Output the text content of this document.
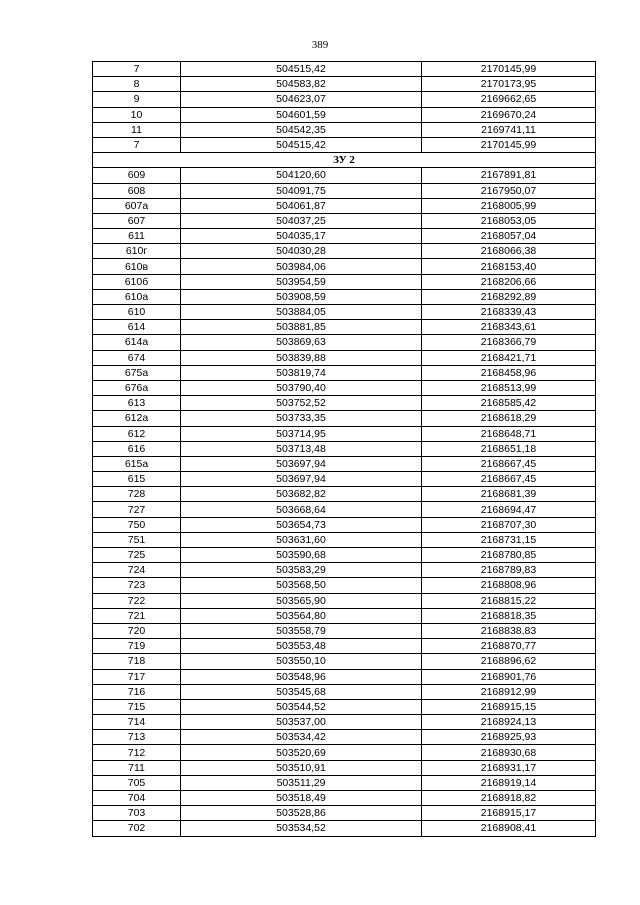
389
7	504515,42	2170145,99
8	504583,82	2170173,95
9	504623,07	2169662,65
10	504601,59	2169670,24
11	504542,35	2169741,11
7	504515,42	2170145,99
ЗУ 2		
609	504120,60	2167891,81
608	504091,75	2167950,07
607а	504061,87	2168005,99
607	504037,25	2168053,05
611	504035,17	2168057,04
610г	504030,28	2168066,38
610в	503984,06	2168153,40
610б	503954,59	2168206,66
610а	503908,59	2168292,89
610	503884,05	2168339,43
614	503881,85	2168343,61
614а	503869,63	2168366,79
674	503839,88	2168421,71
675а	503819,74	2168458,96
676а	503790,40	2168513,99
613	503752,52	2168585,42
612а	503733,35	2168618,29
612	503714,95	2168648,71
616	503713,48	2168651,18
615а	503697,94	2168667,45
615	503697,94	2168667,45
728	503682,82	2168681,39
727	503668,64	2168694,47
750	503654,73	2168707,30
751	503631,60	2168731,15
725	503590,68	2168780,85
724	503583,29	2168789,83
723	503568,50	2168808,96
722	503565,90	2168815,22
721	503564,80	2168818,35
720	503558,79	2168838,83
719	503553,48	2168870,77
718	503550,10	2168896,62
717	503548,96	2168901,76
716	503545,68	2168912,99
715	503544,52	2168915,15
714	503537,00	2168924,13
713	503534,42	2168925,93
712	503520,69	2168930,68
711	503510,91	2168931,17
705	503511,29	2168919,14
704	503518,49	2168918,82
703	503528,86	2168915,17
702	503534,52	2168908,41
